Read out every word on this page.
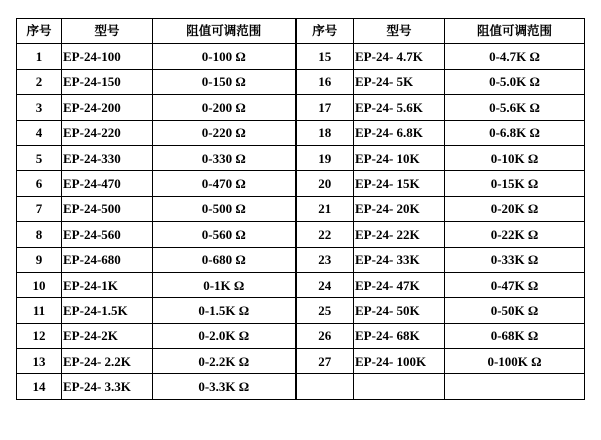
序号	型号	阻值可调范围	序号	型号	阻值可调范围
1	EP-24-100	0-100 Ω	15	EP-24- 4.7K	0-4.7K Ω
2	EP-24-150	0-150 Ω	16	EP-24- 5K	0-5.0K Ω
3	EP-24-200	0-200 Ω	17	EP-24- 5.6K	0-5.6K Ω
4	EP-24-220	0-220 Ω	18	EP-24- 6.8K	0-6.8K Ω
5	EP-24-330	0-330 Ω	19	EP-24- 10K	0-10K Ω
6	EP-24-470	0-470 Ω	20	EP-24- 15K	0-15K Ω
7	EP-24-500	0-500 Ω	21	EP-24- 20K	0-20K Ω
8	EP-24-560	0-560 Ω	22	EP-24- 22K	0-22K Ω
9	EP-24-680	0-680 Ω	23	EP-24- 33K	0-33K Ω
10	EP-24-1K	0-1K Ω	24	EP-24- 47K	0-47K Ω
11	EP-24-1.5K	0-1.5K Ω	25	EP-24- 50K	0-50K Ω
12	EP-24-2K	0-2.0K Ω	26	EP-24- 68K	0-68K Ω
13	EP-24- 2.2K	0-2.2K Ω	27	EP-24- 100K	0-100K Ω
14	EP-24- 3.3K	0-3.3K Ω			
